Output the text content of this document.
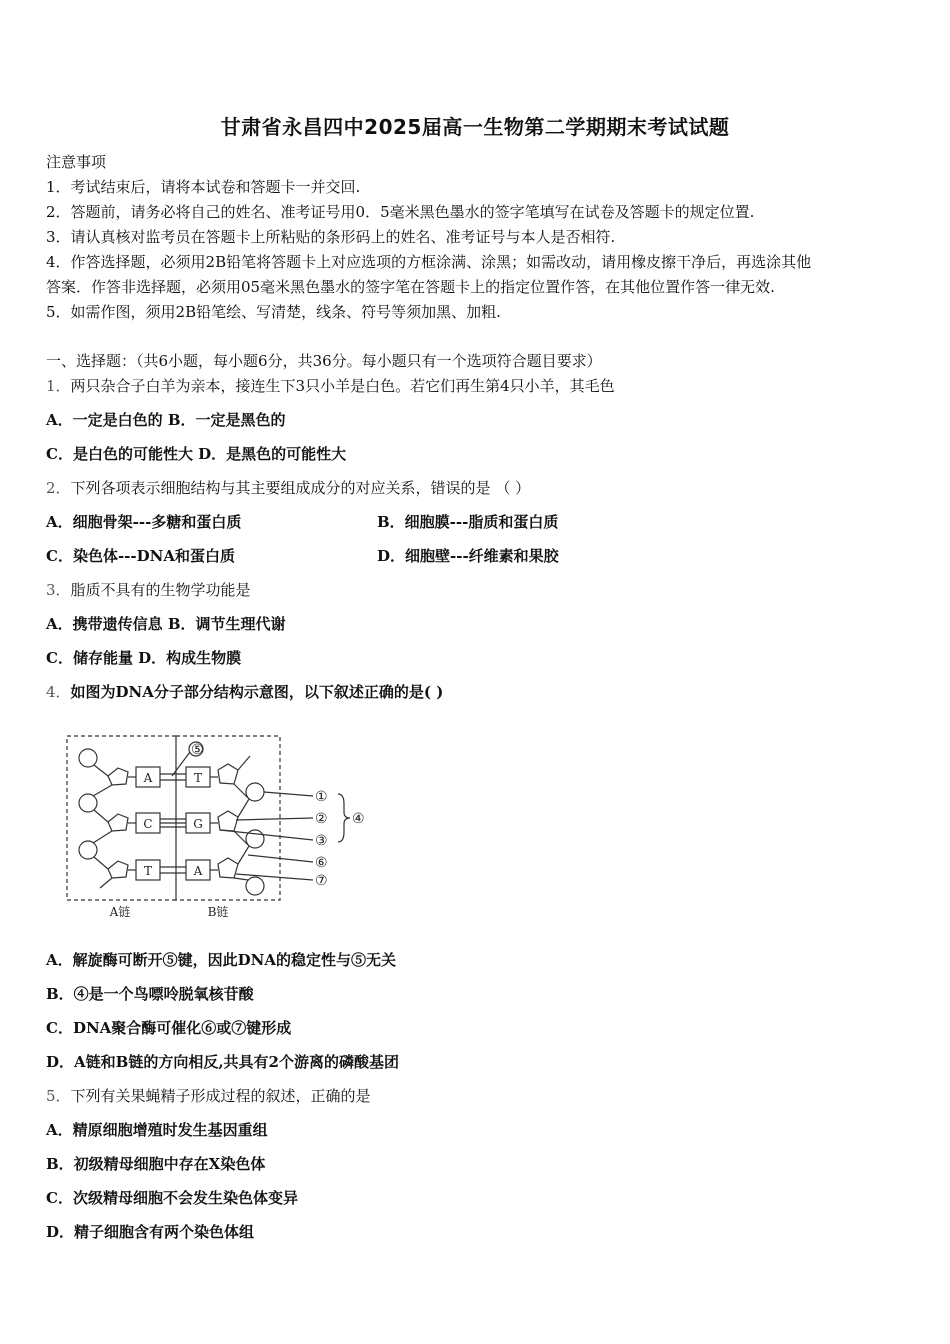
甘肃省永昌四中2025届高一生物第二学期期末考试试题
注意事项
1．考试结束后，请将本试卷和答题卡一并交回.
2．答题前，请务必将自己的姓名、准考证号用0．5毫米黑色墨水的签字笔填写在试卷及答题卡的规定位置.
3．请认真核对监考员在答题卡上所粘贴的条形码上的姓名、准考证号与本人是否相符.
4．作答选择题，必须用2B铅笔将答题卡上对应选项的方框涂满、涂黑；如需改动，请用橡皮擦干净后，再选涂其他
答案．作答非选择题，必须用05毫米黑色墨水的签字笔在答题卡上的指定位置作答，在其他位置作答一律无效.
5．如需作图，须用2B铅笔绘、写清楚，线条、符号等须加黑、加粗.
一、选择题：（共6小题，每小题6分，共36分。每小题只有一个选项符合题目要求）
1．两只杂合子白羊为亲本，接连生下3只小羊是白色。若它们再生第4只小羊，其毛色
A．一定是白色的 B．一定是黑色的
C．是白色的可能性大 D．是黑色的可能性大
2．下列各项表示细胞结构与其主要组成成分的对应关系，错误的是 （ ）
A．细胞骨架---多糖和蛋白质	B．细胞膜---脂质和蛋白质
C．染色体---DNA和蛋白质	D．细胞壁---纤维素和果胶
3．脂质不具有的生物学功能是
A．携带遗传信息 B．调节生理代谢
C．储存能量 D．构成生物膜
4．如图为DNA分子部分结构示意图，以下叙述正确的是( )
A
C
T
T
G
A
⑤
①
②
③
⑥
⑦
④
A链	B链
A．解旋酶可断开⑤键，因此DNA的稳定性与⑤无关
B．④是一个鸟嘌呤脱氧核苷酸
C．DNA聚合酶可催化⑥或⑦键形成
D．A链和B链的方向相反,共具有2个游离的磷酸基团
5．下列有关果蝇精子形成过程的叙述，正确的是
A．精原细胞增殖时发生基因重组
B．初级精母细胞中存在X染色体
C．次级精母细胞不会发生染色体变异
D．精子细胞含有两个染色体组
